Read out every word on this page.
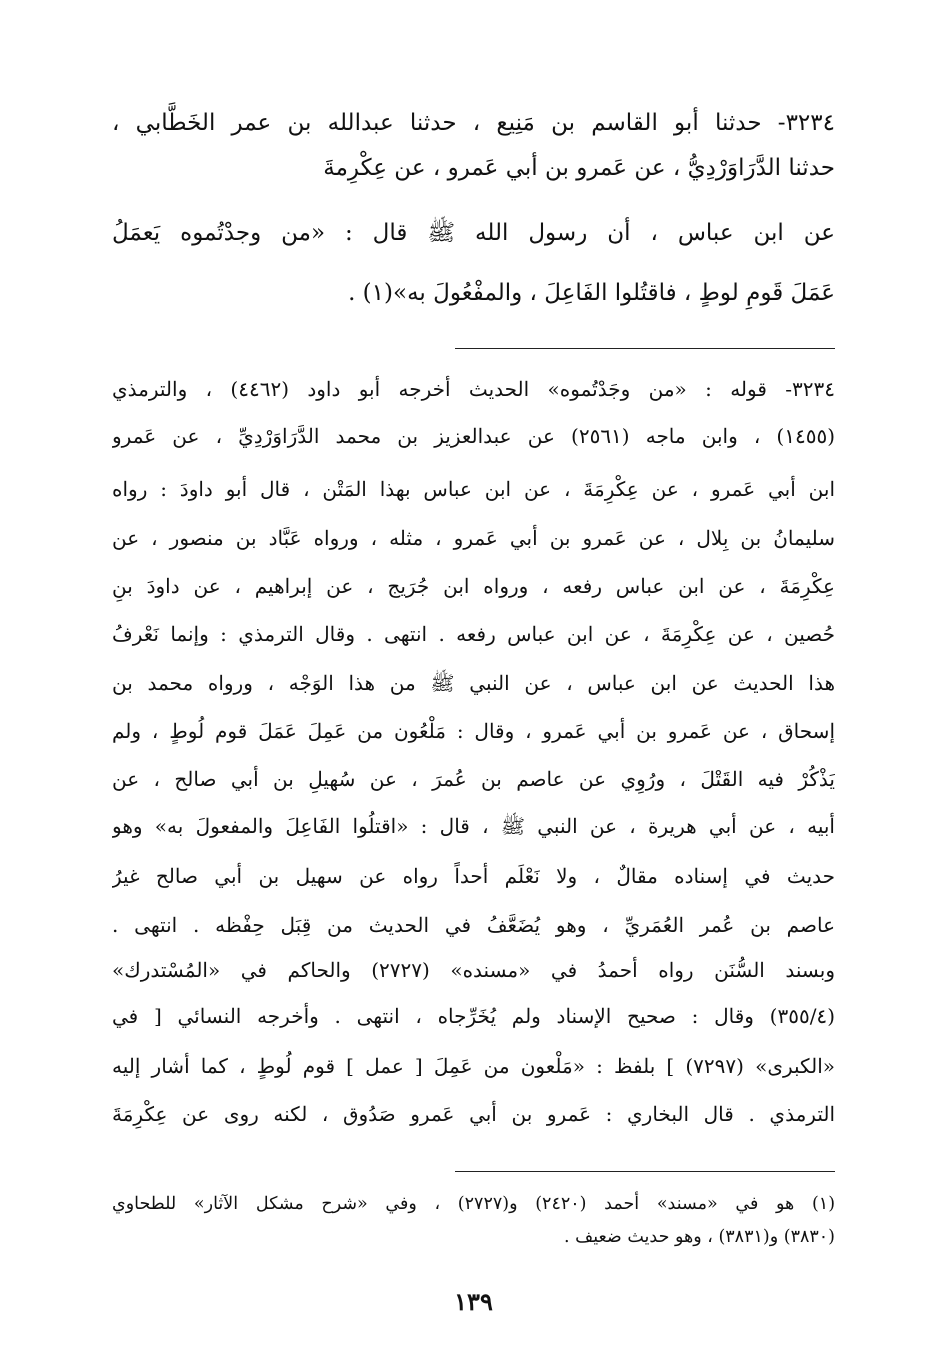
٣٢٣٤- حدثنا أبو القاسم بن مَنِيع ، حدثنا عبدالله بن عمر الخَطَّابي ،
حدثنا الدَّرَاوَرْدِيُّ ، عن عَمرو بن أبي عَمرو ، عن عِكْرِمةَ
عن ابن عباس ، أن رسول الله ﷺ قال : «من وجدْتُموه يَعمَلُ
عَمَلَ قَومِ لوطٍ ، فاقتُلوا الفَاعِلَ ، والمفْعُولَ به»(١) .
٣٢٣٤- قوله : «من وجَدْتُموه» الحديث أخرجه أبو داود (٤٤٦٢) ، والترمذي
(١٤٥٥) ، وابن ماجه (٢٥٦١) عن عبدالعزيز بن محمد الدَّرَاوَرْدِيِّ ، عن عَمرو
ابن أبي عَمرو ، عن عِكْرِمَةَ ، عن ابن عباس بهذا المَتْن ، قال أبو داودَ : رواه
سليمانُ بن بِلال ، عن عَمرو بن أبي عَمرو ، مثله ، ورواه عَبَّاد بن منصور ، عن
عِكْرِمَةَ ، عن ابن عباس رفعه ، ورواه ابن جُرَيج ، عن إبراهيم ، عن داودَ بنِ
حُصين ، عن عِكْرِمَةَ ، عن ابن عباس رفعه . انتهى . وقال الترمذي : وإنما نَعْرفُ
هذا الحديث عن ابن عباس ، عن النبي ﷺ من هذا الوَجْه ، ورواه محمد بن
إسحاق ، عن عَمرو بن أبي عَمرو ، وقال : مَلْعُون من عَمِلَ عَمَلَ قوم لُوطٍ ، ولم
يَذْكُرْ فيه القَتْلَ ، ورُوِي عن عاصم بن عُمرَ ، عن سُهيلِ بن أبي صالح ، عن
أبيه ، عن أبي هريرة ، عن النبي ﷺ ، قال : «اقتلُوا الفَاعِلَ والمفعولَ به» وهو
حديث في إسناده مقالٌ ، ولا نَعْلَم أحداً رواه عن سهيل بن أبي صالح غيرُ
عاصم بن عُمر العُمَريِّ ، وهو يُضَعَّفُ في الحديث من قِبَل حِفْظه . انتهى .
وبسند السُّنَن رواه أحمدُ في «مسنده» (٢٧٢٧) والحاكم في «المُسْتدرك»
(٣٥٥/٤) وقال : صحيح الإسناد ولم يُخَرِّجاه ، انتهى . وأخرجه النسائي [ في
«الكبرى» (٧٢٩٧) ] بلفظ : «مَلْعون من عَمِلَ [ عمل ] قوم لُوطٍ ، كما أشار إليه
الترمذي . قال البخاري : عَمرو بن أبي عَمرو صَدُوق ، لكنه روى عن عِكْرِمَةَ
(١) هو في «مسند» أحمد (٢٤٢٠) و(٢٧٢٧) ، وفي «شرح مشكل الآثار» للطحاوي
(٣٨٣٠) و(٣٨٣١) ، وهو حديث ضعيف .
١٣٩
